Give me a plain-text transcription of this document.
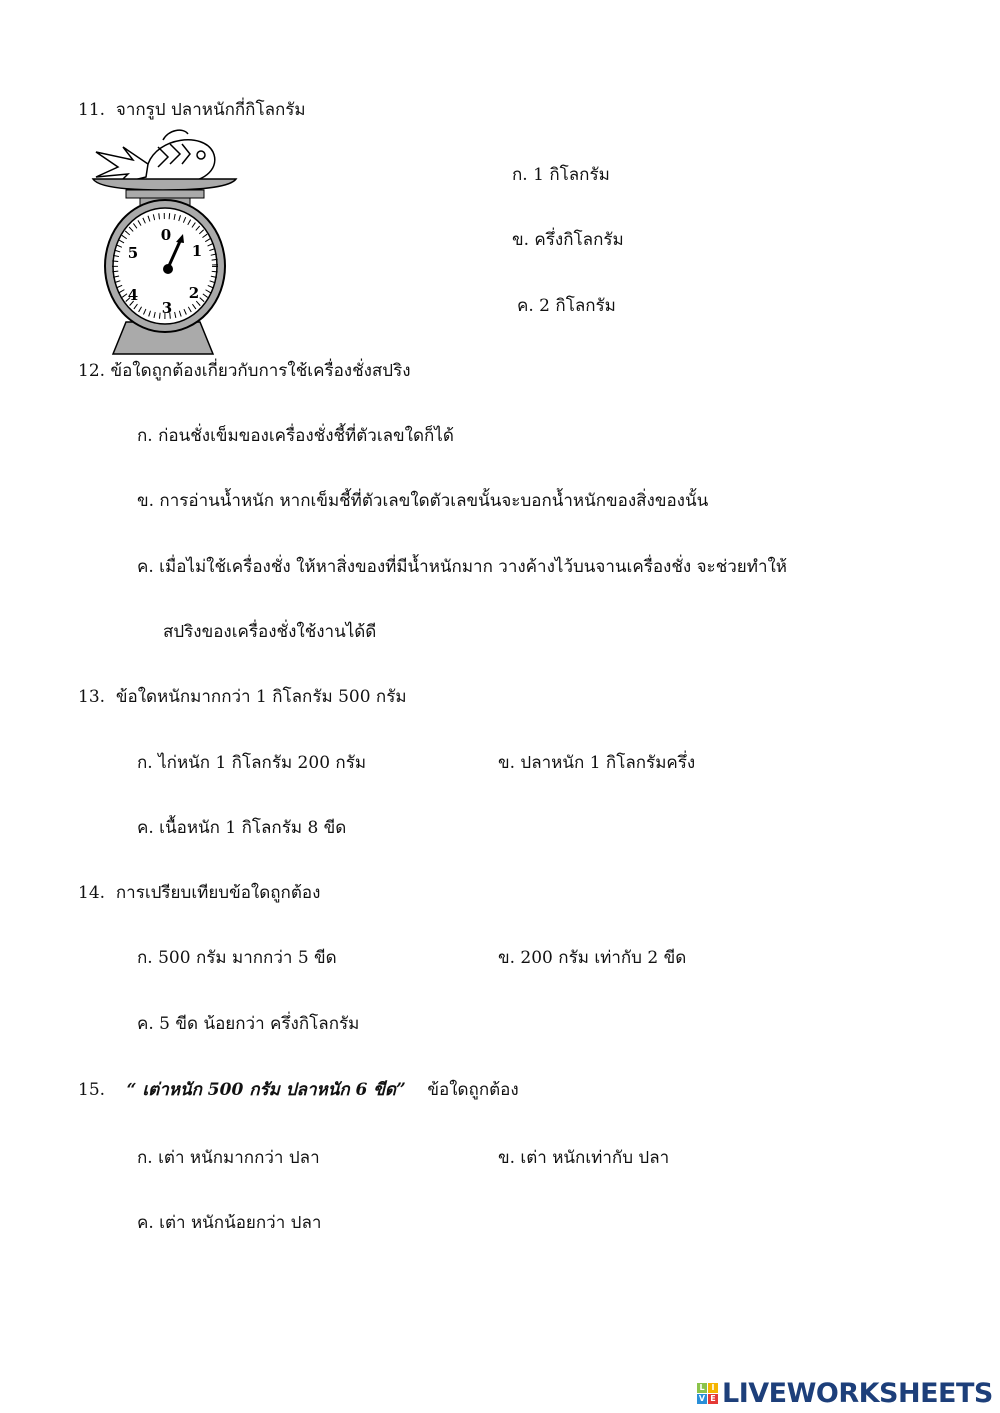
11. จากรูป ปลาหนักกี่กิโลกรัม
0
1
2
3
4
5
ก. 1 กิโลกรัม
ข. ครึ่งกิโลกรัม
ค. 2 กิโลกรัม
12. ข้อใดถูกต้องเกี่ยวกับการใช้เครื่องชั่งสปริง
ก. ก่อนชั่งเข็มของเครื่องชั่งชี้ที่ตัวเลขใดก็ได้
ข. การอ่านน้ำหนัก หากเข็มชี้ที่ตัวเลขใดตัวเลขนั้นจะบอกน้ำหนักของสิ่งของนั้น
ค. เมื่อไม่ใช้เครื่องชั่ง ให้หาสิ่งของที่มีน้ำหนักมาก วางค้างไว้บนจานเครื่องชั่ง จะช่วยทำให้
สปริงของเครื่องชั่งใช้งานได้ดี
13. ข้อใดหนักมากกว่า 1 กิโลกรัม 500 กรัม
ก. ไก่หนัก 1 กิโลกรัม 200 กรัม	ข. ปลาหนัก 1 กิโลกรัมครึ่ง
ค. เนื้อหนัก 1 กิโลกรัม 8 ขีด
14. การเปรียบเทียบข้อใดถูกต้อง
ก. 500 กรัม มากกว่า 5 ขีด	ข. 200 กรัม เท่ากับ 2 ขีด
ค. 5 ขีด น้อยกว่า ครึ่งกิโลกรัม
15. “ เต่าหนัก 500 กรัม ปลาหนัก 6 ขีด” ข้อใดถูกต้อง
ก. เต่า หนักมากกว่า ปลา	ข. เต่า หนักเท่ากับ ปลา
ค. เต่า หนักน้อยกว่า ปลา
L I
V E LIVEWORKSHEETS
